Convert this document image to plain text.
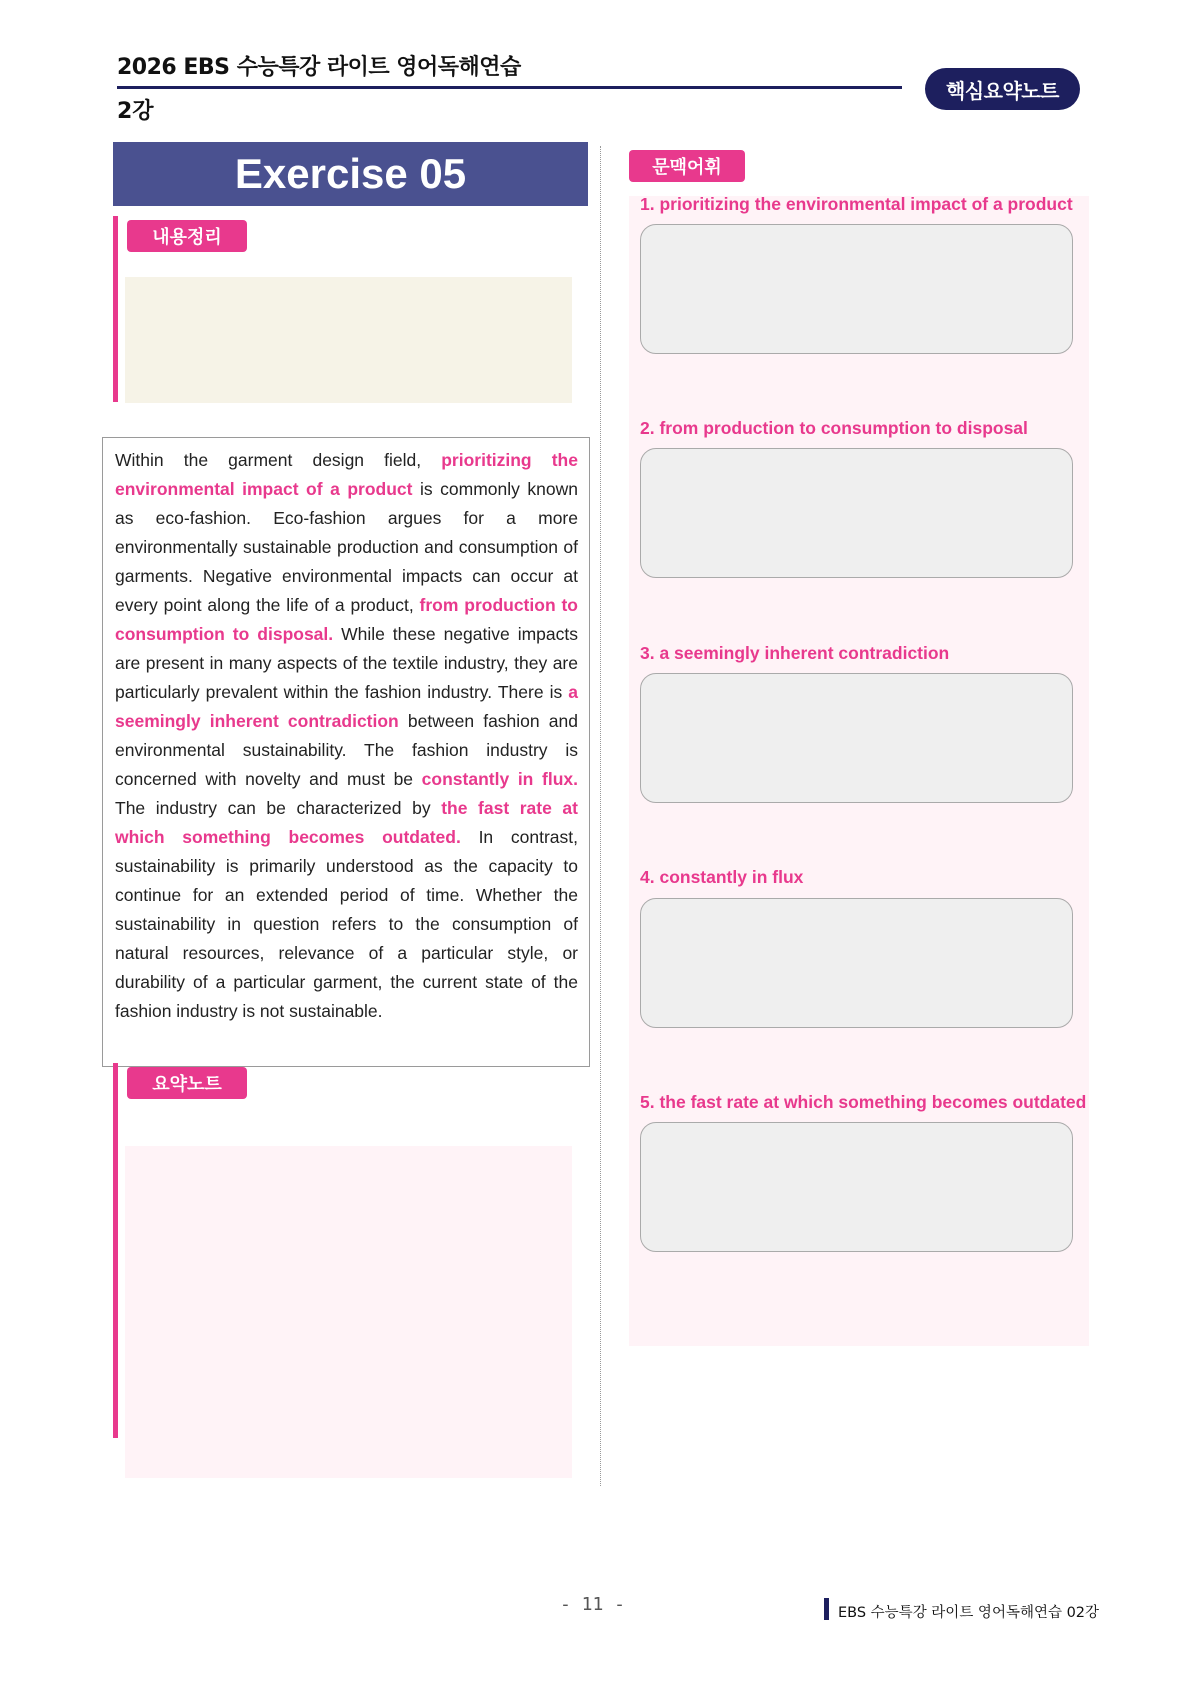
2026 EBS 수능특강 라이트 영어독해연습
2강
핵심요약노트
Exercise 05
내용정리
Within the garment design field, prioritizing the environmental impact of a product is commonly known as eco-fashion. Eco-fashion argues for a more environmentally sustainable production and consumption of garments. Negative environmental impacts can occur at every point along the life of a product, from production to consumption to disposal. While these negative impacts are present in many aspects of the textile industry, they are particularly prevalent within the fashion industry. There is a seemingly inherent contradiction between fashion and environmental sustainability. The fashion industry is concerned with novelty and must be constantly in flux. The industry can be characterized by the fast rate at which something becomes outdated. In contrast, sustainability is primarily understood as the capacity to continue for an extended period of time. Whether the sustainability in question refers to the consumption of natural resources, relevance of a particular style, or durability of a particular garment, the current state of the fashion industry is not sustainable.
요약노트
문맥어휘
1. prioritizing the environmental impact of a product
2. from production to consumption to disposal
3. a seemingly inherent contradiction
4. constantly in flux
5. the fast rate at which something becomes outdated
- 11 -	EBS 수능특강 라이트 영어독해연습 02강
